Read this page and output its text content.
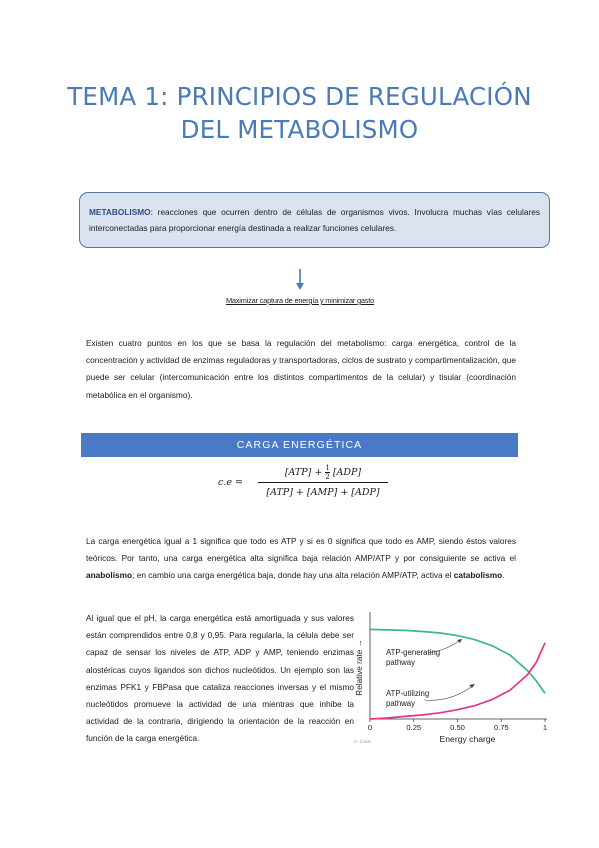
TEMA 1: PRINCIPIOS DE REGULACIÓN
DEL METABOLISMO
METABOLISMO: reacciones que ocurren dentro de células de organismos vivos. Involucra muchas vías celulares interconectadas para proporcionar energía destinada a realizar funciones celulares.
Maximizar captura de energía y minimizar gasto
Existen cuatro puntos en los que se basa la regulación del metabolismo: carga energética, control de la concentración y actividad de enzimas reguladoras y transportadoras, ciclos de sustrato y compartimentalización, que puede ser celular (intercomunicación entre los distintos compartimentos de la celular) y tisular (coordinación metabólica en el organismo).
CARGA ENERGÉTICA
c.e =
$[ATP] + \frac{1}{2} [ADP]$
[ATP] + [AMP] + [ADP]
La carga energética igual a 1 significa que todo es ATP y si es 0 significa que todo es AMP, siendo éstos valores teóricos. Por tanto, una carga energética alta significa baja relación AMP/ATP y por consiguiente se activa el anabolismo; en cambio una carga energética baja, donde hay una alta relación AMP/ATP, activa el catabolismo.
Al igual que el pH, la carga energética está amortiguada y sus valores están comprendidos entre 0,8 y 0,95. Para regularla, la célula debe ser capaz de sensar los niveles de ATP, ADP y AMP, teniendo enzimas alostéricas cuyos ligandos son dichos nucleótidos. Un ejemplo son las enzimas PFK1 y FBPasa que cataliza reacciones inversas y el mismo nucleótidos promueve la actividad de una mientras que inhibe la actividad de la contraria, dirigiendo la orientación de la reacción en función de la carga energética.
0	0.25	0.50	0.75	1
Energy charge
Relative rate →
C. Cavis
ATP-generating
pathway
ATP-utilizing
pathway
